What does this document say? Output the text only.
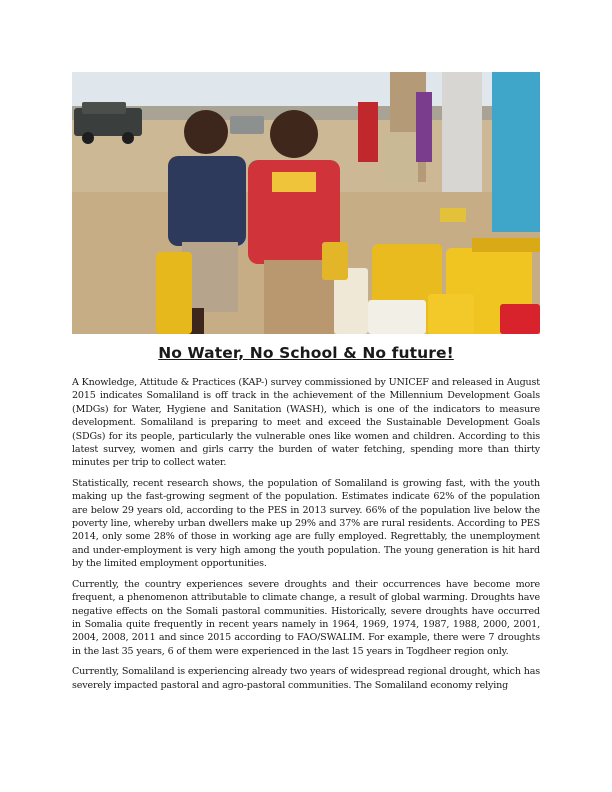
No Water, No School & No future!

A Knowledge, Attitude & Practices (KAP-) survey commissioned by UNICEF and released in August 2015 indicates Somaliland is off track in the achievement of the Millennium Development Goals (MDGs) for Water, Hygiene and Sanitation (WASH), which is one of the indicators to measure development. Somaliland is preparing to meet and exceed the Sustainable Development Goals (SDGs) for its people, particularly the vulnerable ones like women and children. According to this latest survey, women and girls carry the burden of water fetching, spending more than thirty minutes per trip to collect water.

Statistically, recent research shows, the population of Somaliland is growing fast, with the youth making up the fast-growing segment of the population. Estimates indicate 62% of the population are below 29 years old, according to the PES in 2013 survey. 66% of the population live below the poverty line, whereby urban dwellers make up 29% and 37% are rural residents. According to PES 2014, only some 28% of those in working age are fully employed. Regrettably, the unemployment and under-employment is very high among the youth population. The young generation is hit hard by the limited employment opportunities.

Currently, the country experiences severe droughts and their occurrences have become more frequent, a phenomenon attributable to climate change, a result of global warming. Droughts have negative effects on the Somali pastoral communities. Historically, severe droughts have occurred in Somalia quite frequently in recent years namely in 1964, 1969, 1974, 1987, 1988, 2000, 2001, 2004, 2008, 2011 and since 2015 according to FAO/SWALIM. For example, there were 7 droughts in the last 35 years, 6 of them were experienced in the last 15 years in Togdheer region only.

Currently, Somaliland is experiencing already two years of widespread regional drought, which has severely impacted pastoral and agro-pastoral communities. The Somaliland economy relying
